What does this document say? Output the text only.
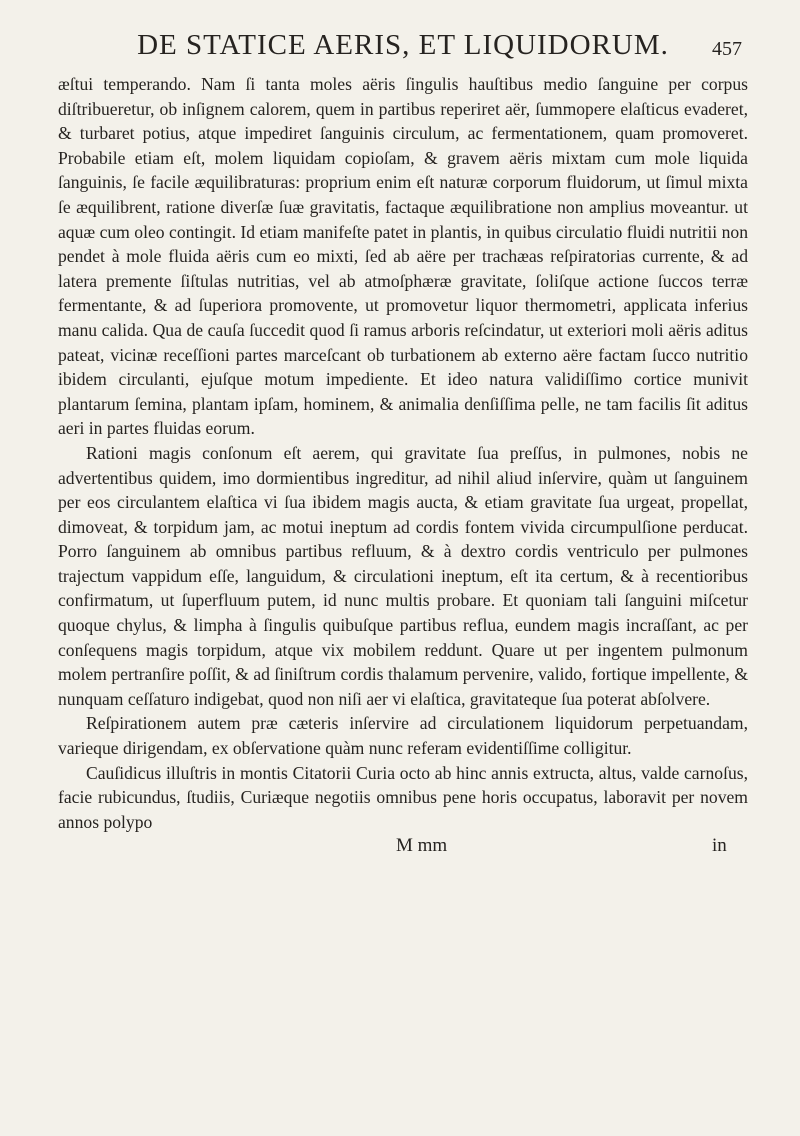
DE STATICE AERIS, ET LIQUIDORUM. 457

æſtui temperando. Nam ſi tanta moles aëris ſingulis hauſtibus medio ſanguine per corpus diſtribueretur, ob inſignem calorem, quem in partibus reperiret aër, ſummopere elaſticus evaderet, & turbaret potius, atque impediret ſanguinis circulum, ac fermentationem, quam promoveret. Probabile etiam eſt, molem liquidam copioſam, & gravem aëris mixtam cum mole liquida ſanguinis, ſe facile æquilibraturas: proprium enim eſt naturæ corporum fluidorum, ut ſimul mixta ſe æquilibrent, ratione diverſæ ſuæ gravitatis, factaque æquilibratione non amplius moveantur. ut aquæ cum oleo contingit. Id etiam manifeſte patet in plantis, in quibus circulatio fluidi nutritii non pendet à mole fluida aëris cum eo mixti, ſed ab aëre per trachæas reſpiratorias currente, & ad latera premente ſiſtulas nutritias, vel ab atmoſphæræ gravitate, ſoliſque actione ſuccos terræ fermentante, & ad ſuperiora promovente, ut promovetur liquor thermometri, applicata inferius manu calida. Qua de cauſa ſuccedit quod ſi ramus arboris reſcindatur, ut exteriori moli aëris aditus pateat, vicinæ receſſioni partes marceſcant ob turbationem ab externo aëre factam ſucco nutritio ibidem circulanti, ejuſque motum impediente. Et ideo natura validiſſimo cortice munivit plantarum ſemina, plantam ipſam, hominem, & animalia denſiſſima pelle, ne tam facilis ſit aditus aeri in partes fluidas eorum.

Rationi magis conſonum eſt aerem, qui gravitate ſua preſſus, in pulmones, nobis ne advertentibus quidem, imo dormientibus ingreditur, ad nihil aliud inſervire, quàm ut ſanguinem per eos circulantem elaſtica vi ſua ibidem magis aucta, & etiam gravitate ſua urgeat, propellat, dimoveat, & torpidum jam, ac motui ineptum ad cordis fontem vivida circumpulſione perducat. Porro ſanguinem ab omnibus partibus refluum, & à dextro cordis ventriculo per pulmones trajectum vappidum eſſe, languidum, & circulationi ineptum, eſt ita certum, & à recentioribus confirmatum, ut ſuperfluum putem, id nunc multis probare. Et quoniam tali ſanguini miſcetur quoque chylus, & limpha à ſingulis quibuſque partibus reflua, eundem magis incraſſant, ac per conſequens magis torpidum, atque vix mobilem reddunt. Quare ut per ingentem pulmonum molem pertranſire poſſit, & ad ſiniſtrum cordis thalamum pervenire, valido, fortique impellente, & nunquam ceſſaturo indigebat, quod non niſi aer vi elaſtica, gravitateque ſua poterat abſolvere.

Reſpirationem autem præ cæteris inſervire ad circulationem liquidorum perpetuandam, varieque dirigendam, ex obſervatione quàm nunc referam evidentiſſime colligitur.

Cauſidicus illuſtris in montis Citatorii Curia octo ab hinc annis extructa, altus, valde carnoſus, facie rubicundus, ſtudiis, Curiæque negotiis omnibus pene horis occupatus, laboravit per novem annos polypo

M mm	in
